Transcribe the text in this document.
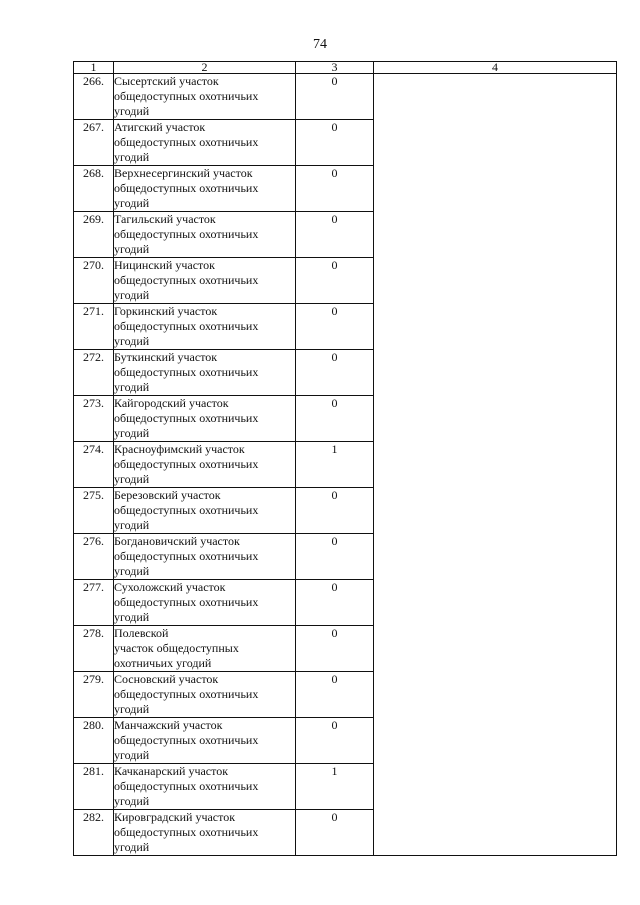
74
1	2	3	4
266.	Сысертский участок
общедоступных охотничьих
угодий	0	
267.	Атигский участок
общедоступных охотничьих
угодий	0	
268.	Верхнесергинский участок
общедоступных охотничьих
угодий	0	
269.	Тагильский участок
общедоступных охотничьих
угодий	0	
270.	Ницинский участок
общедоступных охотничьих
угодий	0	
271.	Горкинский участок
общедоступных охотничьих
угодий	0	
272.	Буткинский участок
общедоступных охотничьих
угодий	0	
273.	Кайгородский участок
общедоступных охотничьих
угодий	0	
274.	Красноуфимский участок
общедоступных охотничьих
угодий	1	
275.	Березовский участок
общедоступных охотничьих
угодий	0	
276.	Богдановичский участок
общедоступных охотничьих
угодий	0	
277.	Сухоложский участок
общедоступных охотничьих
угодий	0	
278.	Полевской
участок общедоступных
охотничьих угодий	0	
279.	Сосновский участок
общедоступных охотничьих
угодий	0	
280.	Манчажский участок
общедоступных охотничьих
угодий	0	
281.	Качканарский участок
общедоступных охотничьих
угодий	1	
282.	Кировградский участок
общедоступных охотничьих
угодий	0	
